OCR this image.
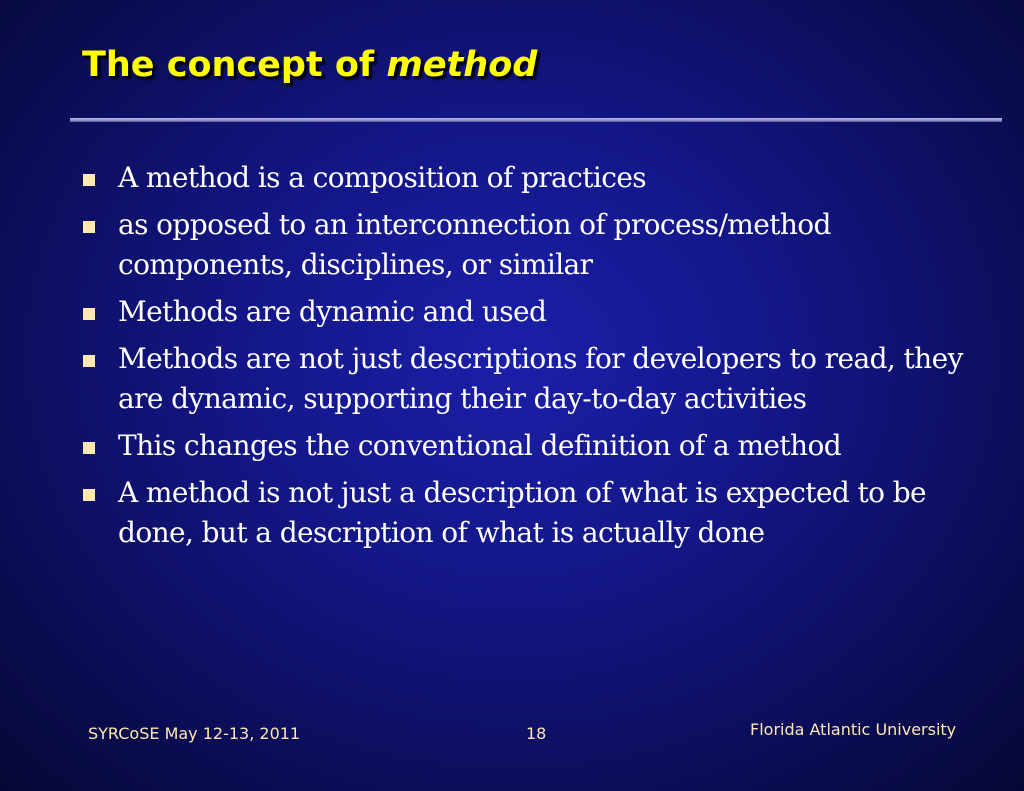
The concept of method
A method is a composition of practices
as opposed to an interconnection of process/method components, disciplines, or similar
Methods are dynamic and used
Methods are not just descriptions for developers to read, they are dynamic, supporting their day-to-day activities
This changes the conventional definition of a method
A method is not just a description of what is expected to be done, but a description of what is actually done
SYRCoSE May 12-13, 2011	18	Florida Atlantic University
